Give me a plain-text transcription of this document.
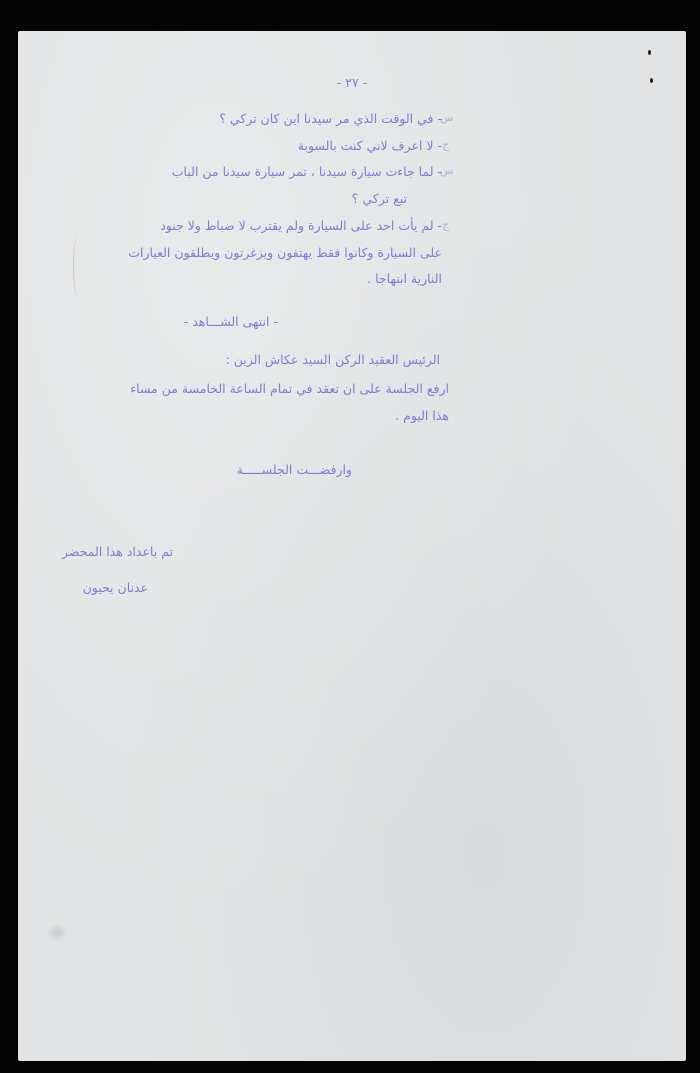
- ٢٧ -
س
- في الوقت الذي مر سيدنا اين كان تركي ؟
ج
- لا اعرف لاني كنت بالسوبة
س
- لما جاءت سيارة سيدنا ، تمر سيارة سيدنا من الباب
تبع تركي ؟
ج
- لم يأت احد على السيارة ولم يقترب لا ضباط ولا جنود
على السيارة وكانوا فقط يهتفون ويزغرتون ويطلقون العيارات
النارية ابتهاجا .
- انتهى الشـــاهد -
الرئيس العقيد الركن السيد عكاش الزين :
ارفع الجلسة على ان تعقد في تمام الساعة الخامسة من مساء
هذا اليوم .
وارفضـــت الجلســـــة
تم باعداد هذا المحضر
عدنان يحيون
